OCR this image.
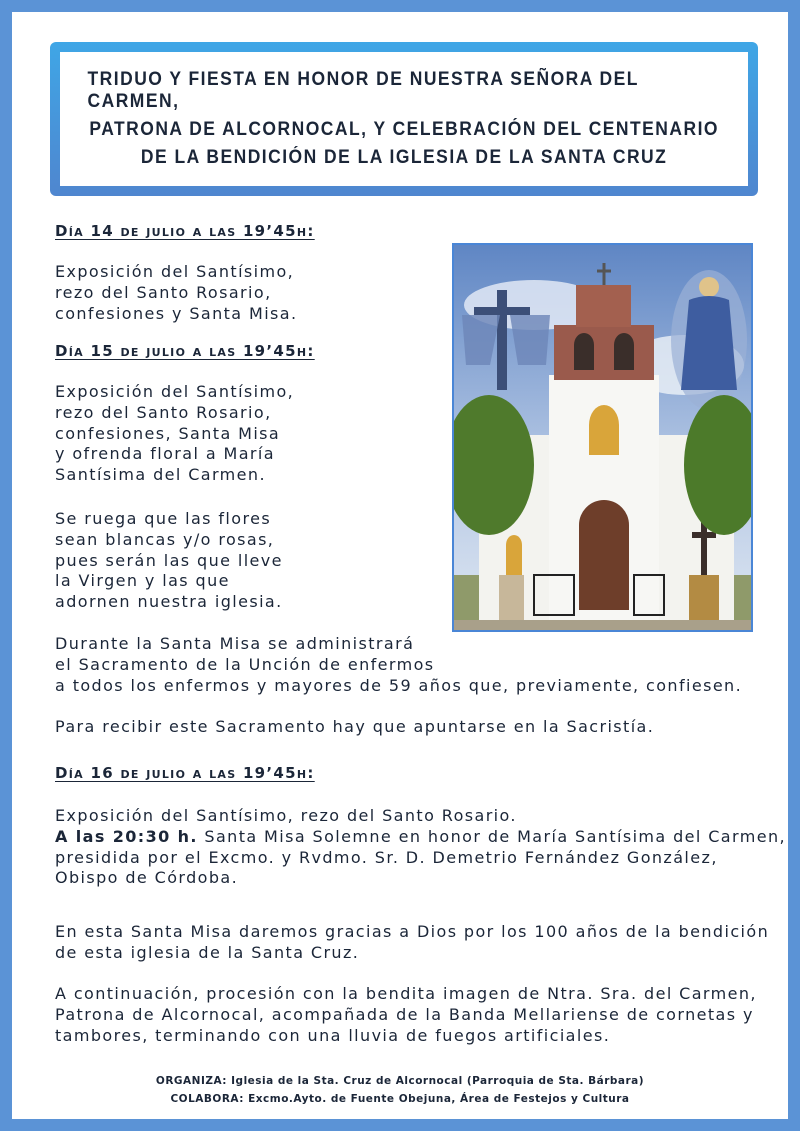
TRIDUO Y FIESTA EN HONOR DE NUESTRA SEÑORA DEL CARMEN,
PATRONA DE ALCORNOCAL, Y CELEBRACIÓN DEL CENTENARIO
DE LA BENDICIÓN DE LA IGLESIA DE LA SANTA CRUZ
Día 14 de julio a las 19’45h:
Exposición del Santísimo,
rezo del Santo Rosario,
confesiones y Santa Misa.
Día 15 de julio a las 19’45h:
Exposición del Santísimo,
rezo del Santo Rosario,
confesiones, Santa Misa
y ofrenda floral a María
Santísima del Carmen.
Se ruega que las flores
sean blancas y/o rosas,
pues serán las que lleve
la Virgen y las que
adornen nuestra iglesia.
Durante la Santa Misa se administrará
el Sacramento de la Unción de enfermos
a todos los enfermos y mayores de 59 años que, previamente, confiesen.
Para recibir este Sacramento hay que apuntarse en la Sacristía.
Día 16 de julio a las 19’45h:
Exposición del Santísimo, rezo del Santo Rosario.
A las 20:30 h. Santa Misa Solemne en honor de María Santísima del Carmen,
presidida por el Excmo. y Rvdmo. Sr. D. Demetrio Fernández González,
Obispo de Córdoba.
En esta Santa Misa daremos gracias a Dios por los 100 años de la bendición
de esta iglesia de la Santa Cruz.
A continuación, procesión con la bendita imagen de Ntra. Sra. del Carmen,
Patrona de Alcornocal, acompañada de la Banda Mellariense de cornetas y
tambores, terminando con una lluvia de fuegos artificiales.
ORGANIZA: Iglesia de la Sta. Cruz de Alcornocal (Parroquia de Sta. Bárbara)
COLABORA: Excmo.Ayto. de Fuente Obejuna, Área de Festejos y Cultura
